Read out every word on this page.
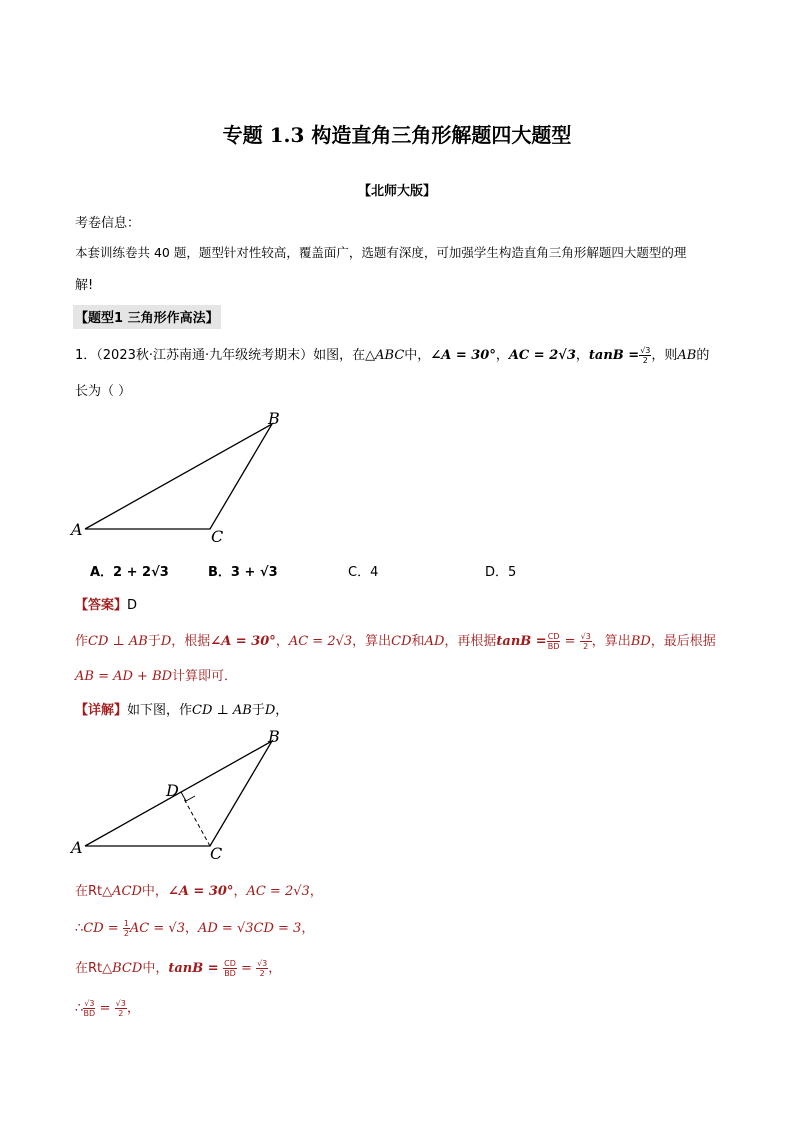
专题 1.3 构造直角三角形解题四大题型
【北师大版】
考卷信息：
本套训练卷共 40 题，题型针对性较高，覆盖面广，选题有深度，可加强学生构造直角三角形解题四大题型的理
解!
【题型1 三角形作高法】
1．（2023秋·江苏南通·九年级统考期末）如图，在△ABC中，∠A = 30°，AC = 2√3，$\tan B = \frac{√3}{2}$ ，则AB的
长为（ ）
A
B
C
A．2 + 2√3	B．3 + √3	C．4	D．5
【答案】D
作CD ⊥ AB于D，根据∠A = 30°，AC = 2√3，算出CD和AD，再根据$\tan B = \frac{CD}{BD} = \frac{√3}{2}$ ，算出BD，最后根据
AB = AD + BD计算即可．
【详解】如下图，作CD ⊥ AB于D，
A
B
C
D
在Rt△ACD中，∠A = 30°，AC = 2√3，
∴CD = $\frac{1}{2}$ AC = √3，AD = √3CD = 3，
在Rt△BCD中，$\tan B = \frac{CD}{BD} = \frac{√3}{2}$ ，
∴ $\frac{√3}{BD} = \frac{√3}{2}$ ，
